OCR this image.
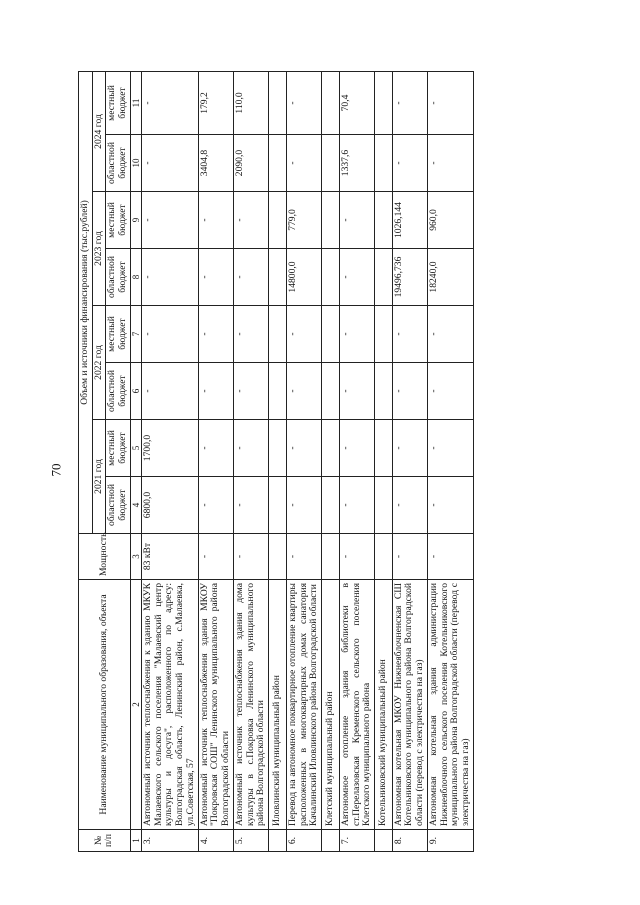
70
№ п/п	Наименование муниципального образования, объекта	Мощность	Объем и источники финансирования (тыс.рублей)							
			2021 год		2022 год		2023 год		2024 год	
			областной бюджет	местный бюджет	областной бюджет	местный бюджет	областной бюджет	местный бюджет	областной бюджет	местный бюджет
1	2	3	4	5	6	7	8	9	10	11
3.	Автономный источник теплоснабжения к зданию МКУК Малаевского сельского поселения "Малаевский центр культуры и досуга", расположенного по адресу: Волгоградская область, Ленинский район, с.Малаевка, ул.Советская, 57	83 кВт	6800,0	1700,0	-	-	-	-	-	-
4.	Автономный источник теплоснабжения здания МКОУ "Покровская СОШ" Ленинского муниципального района Волгоградской области	-	-	-	-	-	-	-	3404,8	179,2
5.	Автономный источник теплоснабжения здания дома культуры в с.Покровка Ленинского муниципального района Волгоградской области	-	-	-	-	-	-	-	2090,0	110,0
	Иловлинский муниципальный район									
6.	Перевод на автономное поквартирное отопление квартиры расположенных в многоквартирных домах санатория Качалинский Иловлинского района Волгоградской области	-	-	-	-	-	14800,0	779,0	-	-
	Клетский муниципальный район									
7.	Автономное отопление здания библиотеки в ст.Перелазовская Кременского сельского поселения Клетского муниципального района	-	-	-	-	-	-	-	1337,6	70,4
	Котельниковский муниципальный район									
8.	Автономная котельная МКОУ Нижнеяблочненская СШ Котельниковского муниципального района Волгоградской области (перевод с электричества на газ)	-	-	-	-	-	19496,736	1026,144	-	-
9.	Автономная котельная здания администрации Нижнеяблочного сельского поселения Котельниковского муниципального района Волгоградской области (перевод с электричества на газ)	-	-	-	-	-	18240,0	960,0	-	-
